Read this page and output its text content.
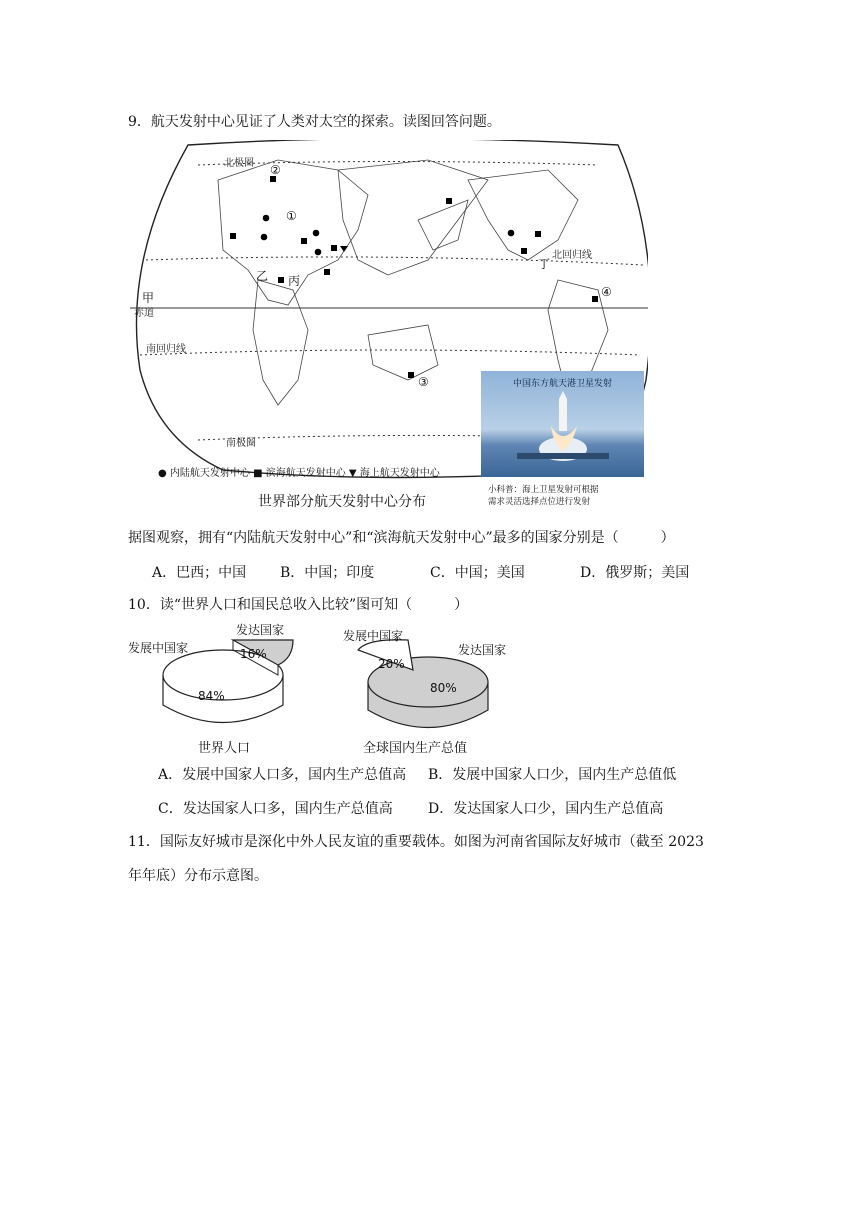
9．航天发射中心见证了人类对太空的探索。读图回答问题。
北极圈
北回归线
赤道
南回归线
南极圈
甲
乙 丙
丁
①
②
③
④
● 内陆航天发射中心 ■ 滨海航天发射中心 ▼ 海上航天发射中心
世界部分航天发射中心分布
小科普：海上卫星发射可根据
需求灵活选择点位进行发射
中国东方航天港卫星发射
据图观察，拥有“内陆航天发射中心”和“滨海航天发射中心”最多的国家分别是（　　　）
A．巴西；中国 B．中国；印度	C．中国；美国	D．俄罗斯；美国
10．读“世界人口和国民总收入比较”图可知（　　　）
发展中国家
发达国家
84%
16%
世界人口
发展中国家
发达国家
20%
80%
全球国内生产总值
A．发展中国家人口多，国内生产总值高 B．发展中国家人口少，国内生产总值低
C．发达国家人口多，国内生产总值高	D．发达国家人口少，国内生产总值高
11．国际友好城市是深化中外人民友谊的重要载体。如图为河南省国际友好城市（截至 2023
年年底）分布示意图。
